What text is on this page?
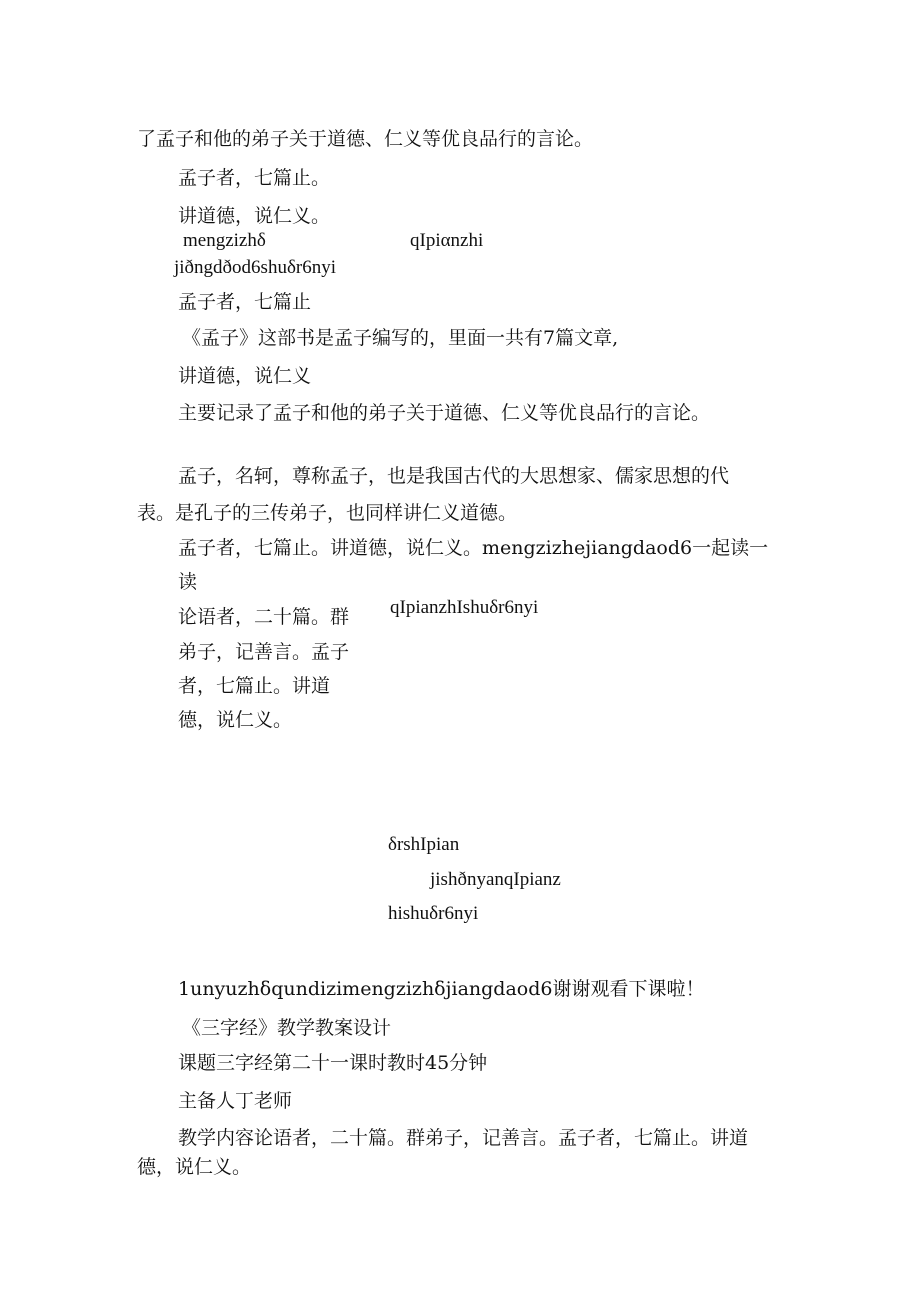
了孟子和他的弟子关于道德、仁义等优良品行的言论。
孟子者，七篇止。
讲道德，说仁义。
mengzizhδ	qIpiαnzhi
jiðngdðod6shuδr6nyi
孟子者，七篇止
《孟子》这部书是孟子编写的，里面一共有7篇文章,
讲道德，说仁义
主要记录了孟子和他的弟子关于道德、仁义等优良品行的言论。
孟子，名轲，尊称孟子，也是我国古代的大思想家、儒家思想的代
表。是孔子的三传弟子，也同样讲仁义道德。
孟子者，七篇止。讲道德，说仁义。mengzizhejiangdaod6一起读一
读
论语者，二十篇。群 qIpianzhIshuδr6nyi
弟子，记善言。孟子
者，七篇止。讲道
德，说仁义。
δrshIpian
jishðnyanqIpianz
hishuδr6nyi
1unyuzhδqundizimengzizhδjiangdaod6谢谢观看下课啦！
《三字经》教学教案设计
课题三字经第二十一课时教时45分钟
主备人丁老师
教学内容论语者，二十篇。群弟子，记善言。孟子者，七篇止。讲道
德，说仁义。
